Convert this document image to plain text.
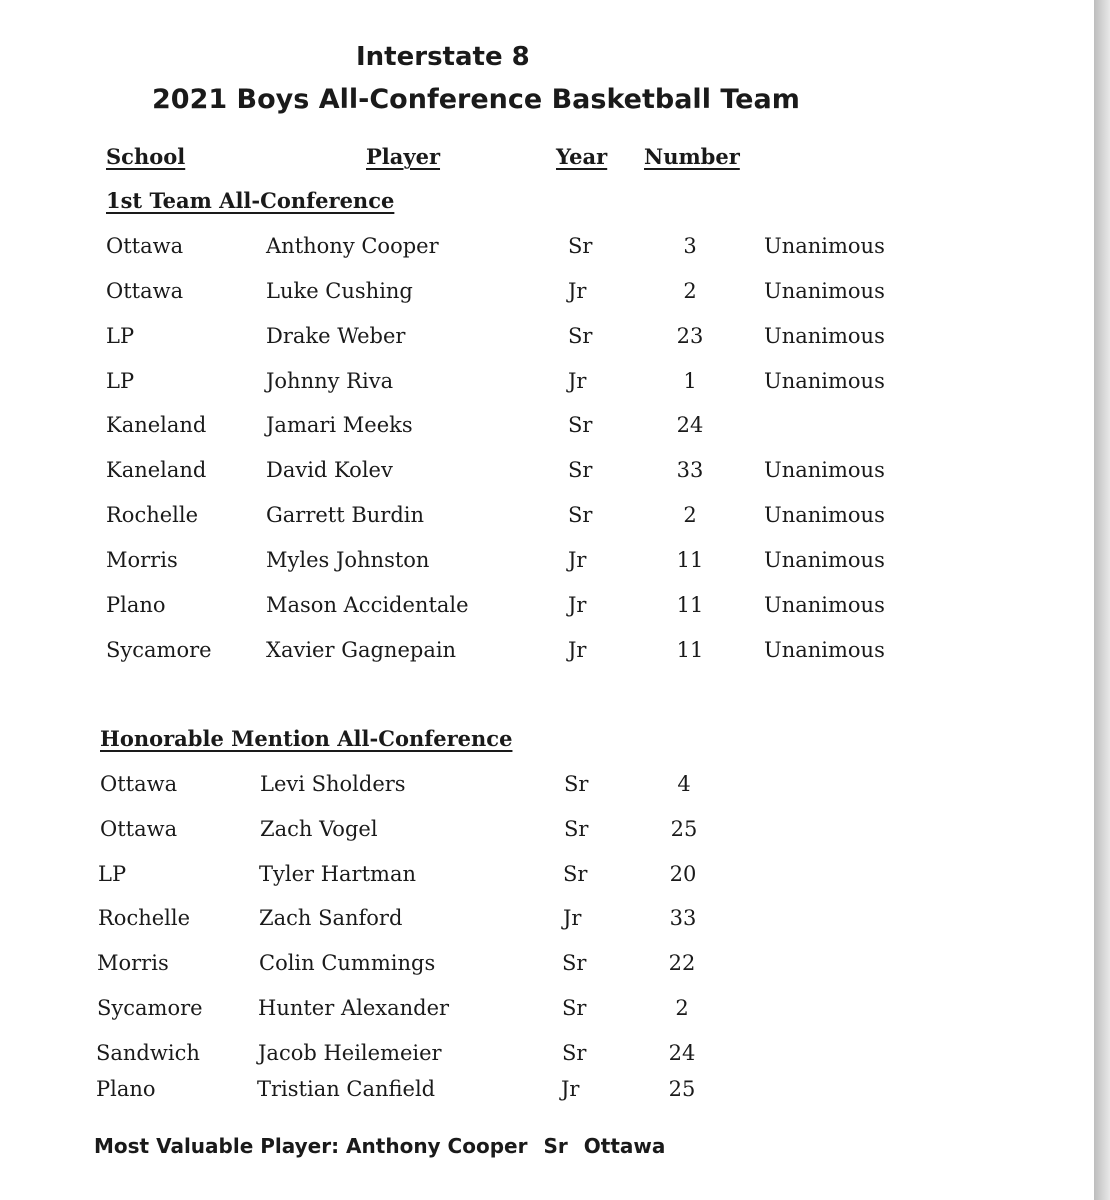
Interstate 8
2021 Boys All-Conference Basketball Team
School	Player	Year Number
1st Team All-Conference
Ottawa	Anthony Cooper	Sr	3	Unanimous
Ottawa	Luke Cushing	Jr	2	Unanimous
LP	Drake Weber	Sr	23	Unanimous
LP	Johnny Riva	Jr	1	Unanimous
Kaneland	Jamari Meeks	Sr	24
Kaneland	David Kolev	Sr	33	Unanimous
Rochelle	Garrett Burdin	Sr	2	Unanimous
Morris	Myles Johnston	Jr	11	Unanimous
Plano	Mason Accidentale	Jr	11	Unanimous
Sycamore	Xavier Gagnepain	Jr	11	Unanimous
Honorable Mention All-Conference
Ottawa	Levi Sholders	Sr	4
Ottawa	Zach Vogel	Sr	25
LP	Tyler Hartman	Sr	20
Rochelle	Zach Sanford	Jr	33
Morris	Colin Cummings	Sr	22
Sycamore	Hunter Alexander	Sr	2
Sandwich	Jacob Heilemeier	Sr	24
Plano	Tristian Canfield	Jr	25
Most Valuable Player: Anthony Cooper Sr Ottawa
